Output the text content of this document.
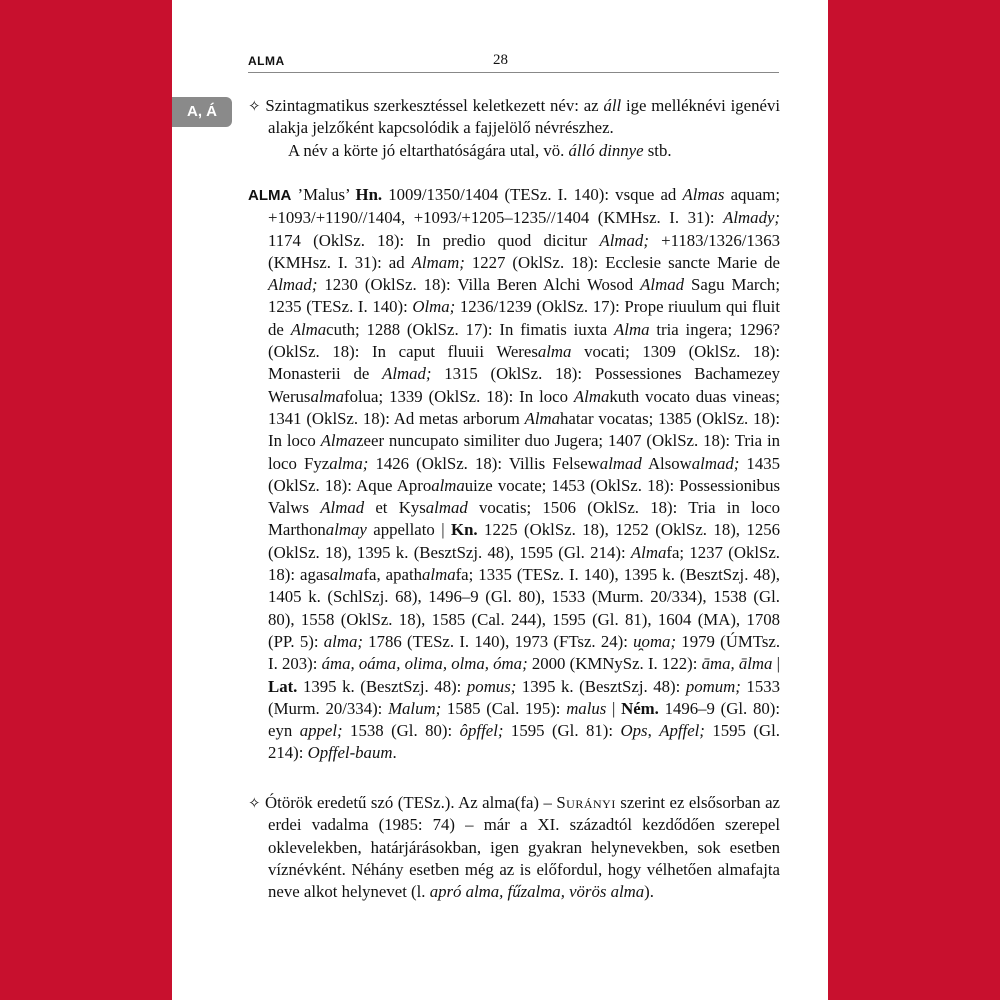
ALMA	28
A, Á	✧ Szintagmatikus szerkesztéssel keletkezett név: az áll ige melléknévi igenévi alakja jelzőként kapcsolódik a fajjelölő névrészhez.

A név a körte jó eltarthatóságára utal, vö. álló dinnye stb.

ALMA ’Malus’ Hn. 1009/1350/1404 (TESz. I. 140): vsque ad Almas aquam; +1093/+1190//1404, +1093/+1205–1235//1404 (KMHsz. I. 31): Almady; 1174 (OklSz. 18): In predio quod dicitur Almad; +1183/1326/1363 (KMHsz. I. 31): ad Almam; 1227 (OklSz. 18): Ecclesie sancte Marie de Almad; 1230 (OklSz. 18): Villa Beren Alchi Wosod Almad Sagu March; 1235 (TESz. I. 140): Olma; 1236/1239 (OklSz. 17): Prope riuulum qui fluit de Almacuth; 1288 (OklSz. 17): In fimatis iuxta Alma tria ingera; 1296? (OklSz. 18): In caput fluuii Weresalma vocati; 1309 (OklSz. 18): Monasterii de Almad; 1315 (OklSz. 18): Possessiones Bachamezey Werusalmafolua; 1339 (OklSz. 18): In loco Almakuth vocato duas vineas; 1341 (OklSz. 18): Ad metas arborum Almahatar vocatas; 1385 (OklSz. 18): In loco Almazeer nuncupato similiter duo Jugera; 1407 (OklSz. 18): Tria in loco Fyzalma; 1426 (OklSz. 18): Villis Felsewalmad Alsowalmad; 1435 (OklSz. 18): Aque Aproalmauize vocate; 1453 (OklSz. 18): Possessionibus Valws Almad et Kysalmad vocatis; 1506 (OklSz. 18): Tria in loco Marthonalmay appellato | Kn. 1225 (OklSz. 18), 1252 (OklSz. 18), 1256 (OklSz. 18), 1395 k. (BesztSzj. 48), 1595 (Gl. 214): Almafa; 1237 (OklSz. 18): agasalmafa, apathalmafa; 1335 (TESz. I. 140), 1395 k. (BesztSzj. 48), 1405 k. (SchlSzj. 68), 1496–9 (Gl. 80), 1533 (Murm. 20/334), 1538 (Gl. 80), 1558 (OklSz. 18), 1585 (Cal. 244), 1595 (Gl. 81), 1604 (MA), 1708 (PP. 5): alma; 1786 (TESz. I. 140), 1973 (FTsz. 24): u̯oma; 1979 (ÚMTsz. I. 203): áma, oáma, olima, olma, óma; 2000 (KMNySz. I. 122): āma, ālma | Lat. 1395 k. (BesztSzj. 48): pomus; 1395 k. (BesztSzj. 48): pomum; 1533 (Murm. 20/334): Malum; 1585 (Cal. 195): malus | Ném. 1496–9 (Gl. 80): eyn appel; 1538 (Gl. 80): ôpffel; 1595 (Gl. 81): Ops, Apffel; 1595 (Gl. 214): Opffel-baum.

✧ Ótörök eredetű szó (TESz.). Az alma(fa) – Surányi szerint ez elsősorban az erdei vadalma (1985: 74) – már a XI. századtól kezdődően szerepel oklevelekben, határjárásokban, igen gyakran helynevekben, sok esetben víznévként. Néhány esetben még az is előfordul, hogy vélhetően almafajta neve alkot helynevet (l. apró alma, fűzalma, vörös alma).
